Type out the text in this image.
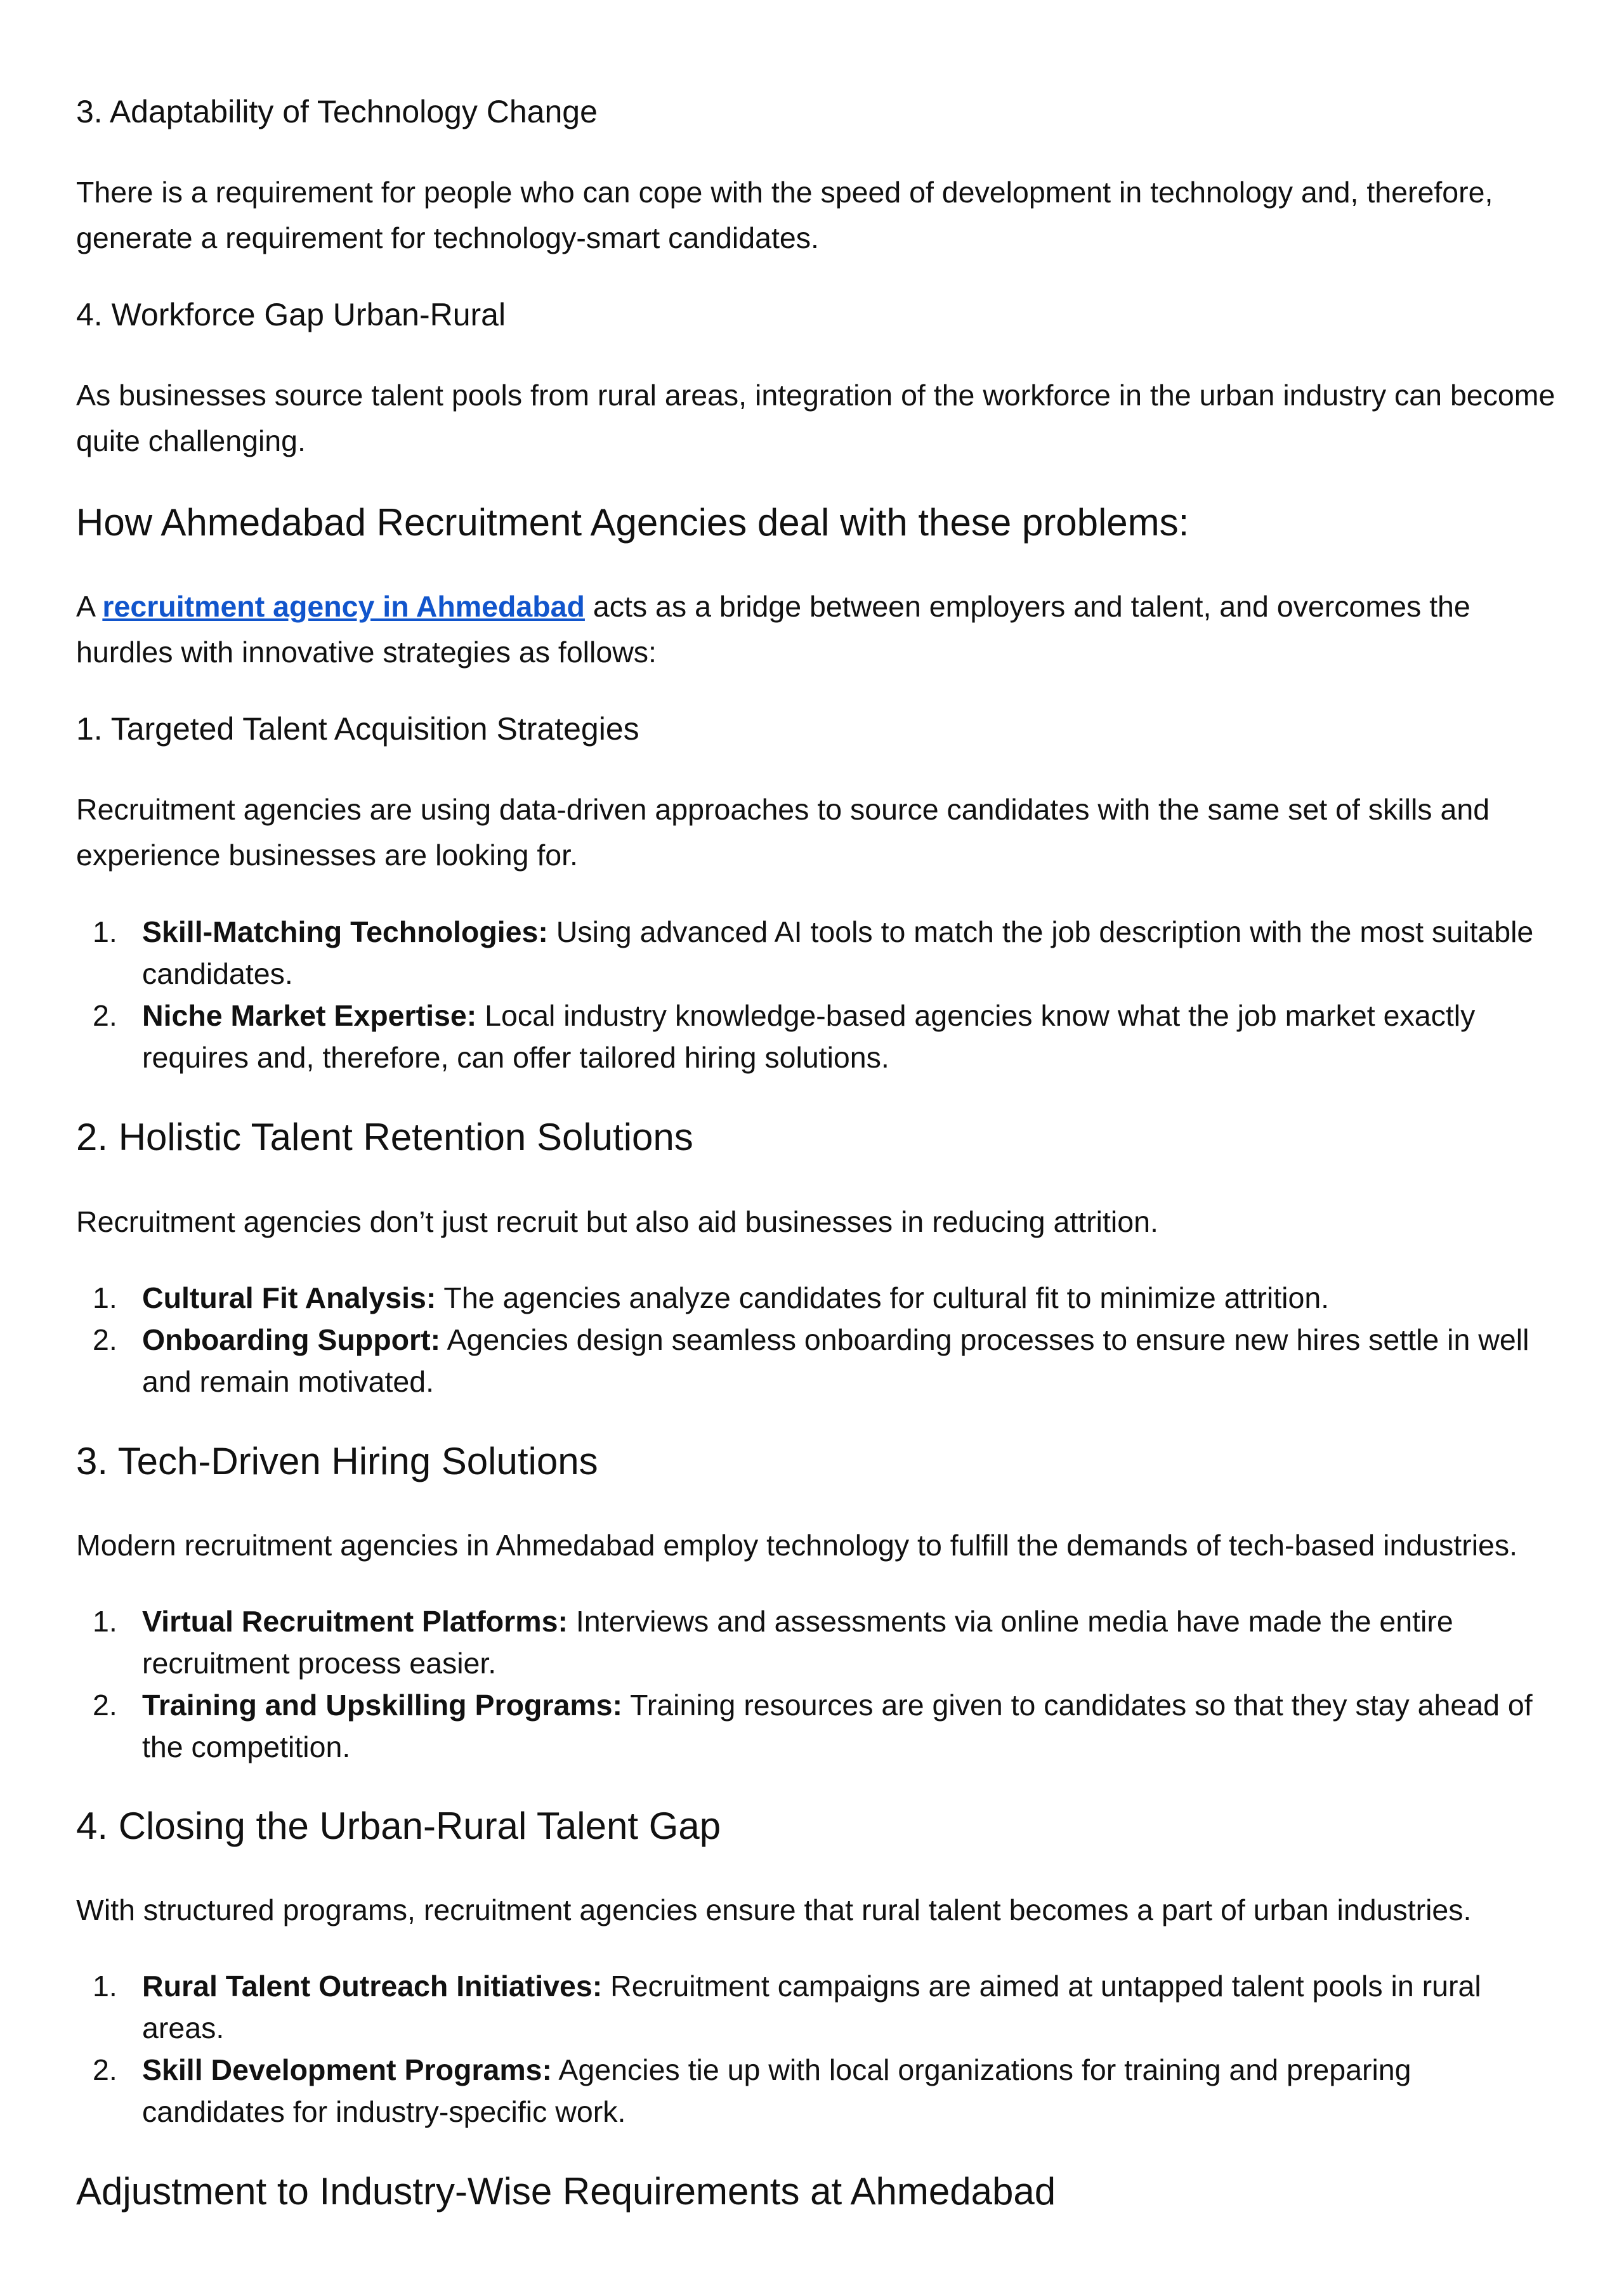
3. Adaptability of Technology Change

There is a requirement for people who can cope with the speed of development in technology and, therefore, generate a requirement for technology-smart candidates.

4. Workforce Gap Urban-Rural

As businesses source talent pools from rural areas, integration of the workforce in the urban industry can become quite challenging.

How Ahmedabad Recruitment Agencies deal with these problems:

A recruitment agency in Ahmedabad acts as a bridge between employers and talent, and overcomes the hurdles with innovative strategies as follows:

1. Targeted Talent Acquisition Strategies

Recruitment agencies are using data-driven approaches to source candidates with the same set of skills and experience businesses are looking for.

1. Skill-Matching Technologies: Using advanced AI tools to match the job description with the most suitable candidates.
2. Niche Market Expertise: Local industry knowledge-based agencies know what the job market exactly requires and, therefore, can offer tailored hiring solutions.
2. Holistic Talent Retention Solutions

Recruitment agencies don’t just recruit but also aid businesses in reducing attrition.

1. Cultural Fit Analysis: The agencies analyze candidates for cultural fit to minimize attrition.
2. Onboarding Support: Agencies design seamless onboarding processes to ensure new hires settle in well and remain motivated.
3. Tech-Driven Hiring Solutions

Modern recruitment agencies in Ahmedabad employ technology to fulfill the demands of tech-based industries.

1. Virtual Recruitment Platforms: Interviews and assessments via online media have made the entire recruitment process easier.
2. Training and Upskilling Programs: Training resources are given to candidates so that they stay ahead of the competition.
4. Closing the Urban-Rural Talent Gap

With structured programs, recruitment agencies ensure that rural talent becomes a part of urban industries.

1. Rural Talent Outreach Initiatives: Recruitment campaigns are aimed at untapped talent pools in rural areas.
2. Skill Development Programs: Agencies tie up with local organizations for training and preparing candidates for industry-specific work.
Adjustment to Industry-Wise Requirements at Ahmedabad
